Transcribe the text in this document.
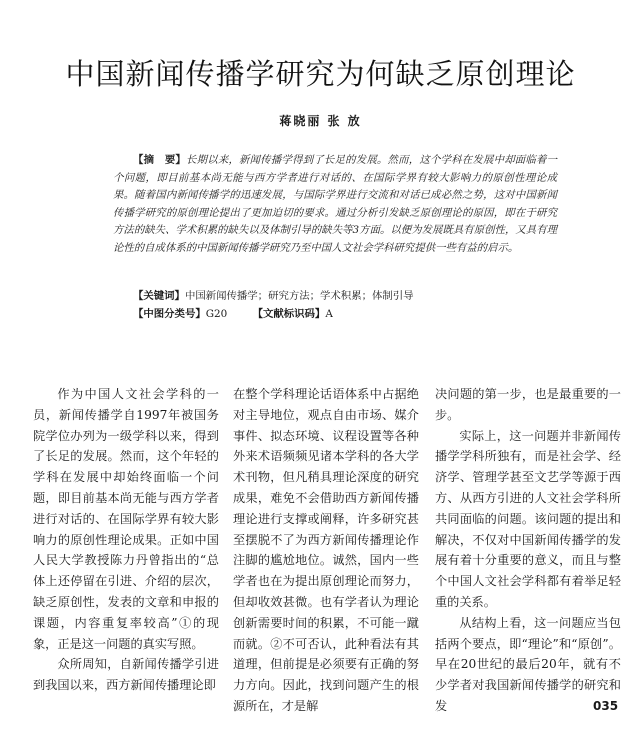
中国新闻传播学研究为何缺乏原创理论
蒋晓丽 张 放

【摘　要】长期以来，新闻传播学得到了长足的发展。然而，这个学科在发展中却面临着一个问题，即目前基本尚无能与西方学者进行对话的、在国际学界有较大影响力的原创性理论成果。随着国内新闻传播学的迅速发展，与国际学界进行交流和对话已成必然之势，这对中国新闻传播学研究的原创理论提出了更加迫切的要求。通过分析引发缺乏原创理论的原因，即在于研究方法的缺失、学术积累的缺失以及体制引导的缺失等3方面。以便为发展既具有原创性，又具有理论性的自成体系的中国新闻传播学研究乃至中国人文社会学科研究提供一些有益的启示。

【关键词】中国新闻传播学；研究方法；学术积累；体制引导
【中图分类号】G20 【文献标识码】A

作为中国人文社会学科的一员，新闻传播学自1997年被国务院学位办列为一级学科以来，得到了长足的发展。然而，这个年轻的学科在发展中却始终面临一个问题，即目前基本尚无能与西方学者进行对话的、在国际学界有较大影响力的原创性理论成果。正如中国人民大学教授陈力丹曾指出的“总体上还停留在引进、介绍的层次，缺乏原创性，发表的文章和申报的课题，内容重复率较高”①的现象，正是这一问题的真实写照。

众所周知，自新闻传播学引进到我国以来，西方新闻传播理论即

在整个学科理论话语体系中占据绝对主导地位，观点自由市场、媒介事件、拟态环境、议程设置等各种外来术语频频见诸本学科的各大学术刊物，但凡稍具理论深度的研究成果，难免不会借助西方新闻传播理论进行支撑或阐释，许多研究甚至摆脱不了为西方新闻传播理论作注脚的尴尬地位。诚然，国内一些学者也在为提出原创理论而努力，但却收效甚微。也有学者认为理论创新需要时间的积累，不可能一蹴而就。②不可否认，此种看法有其道理，但前提是必须要有正确的努力方向。因此，找到问题产生的根源所在，才是解

决问题的第一步，也是最重要的一步。

实际上，这一问题并非新闻传播学学科所独有，而是社会学、经济学、管理学甚至文艺学等源于西方、从西方引进的人文社会学科所共同面临的问题。该问题的提出和解决，不仅对中国新闻传播学的发展有着十分重要的意义，而且与整个中国人文社会学科都有着举足轻重的关系。

从结构上看，这一问题应当包括两个要点，即“理论”和“原创”。早在20世纪的最后20年，就有不少学者对我国新闻传播学的研究和发	035
